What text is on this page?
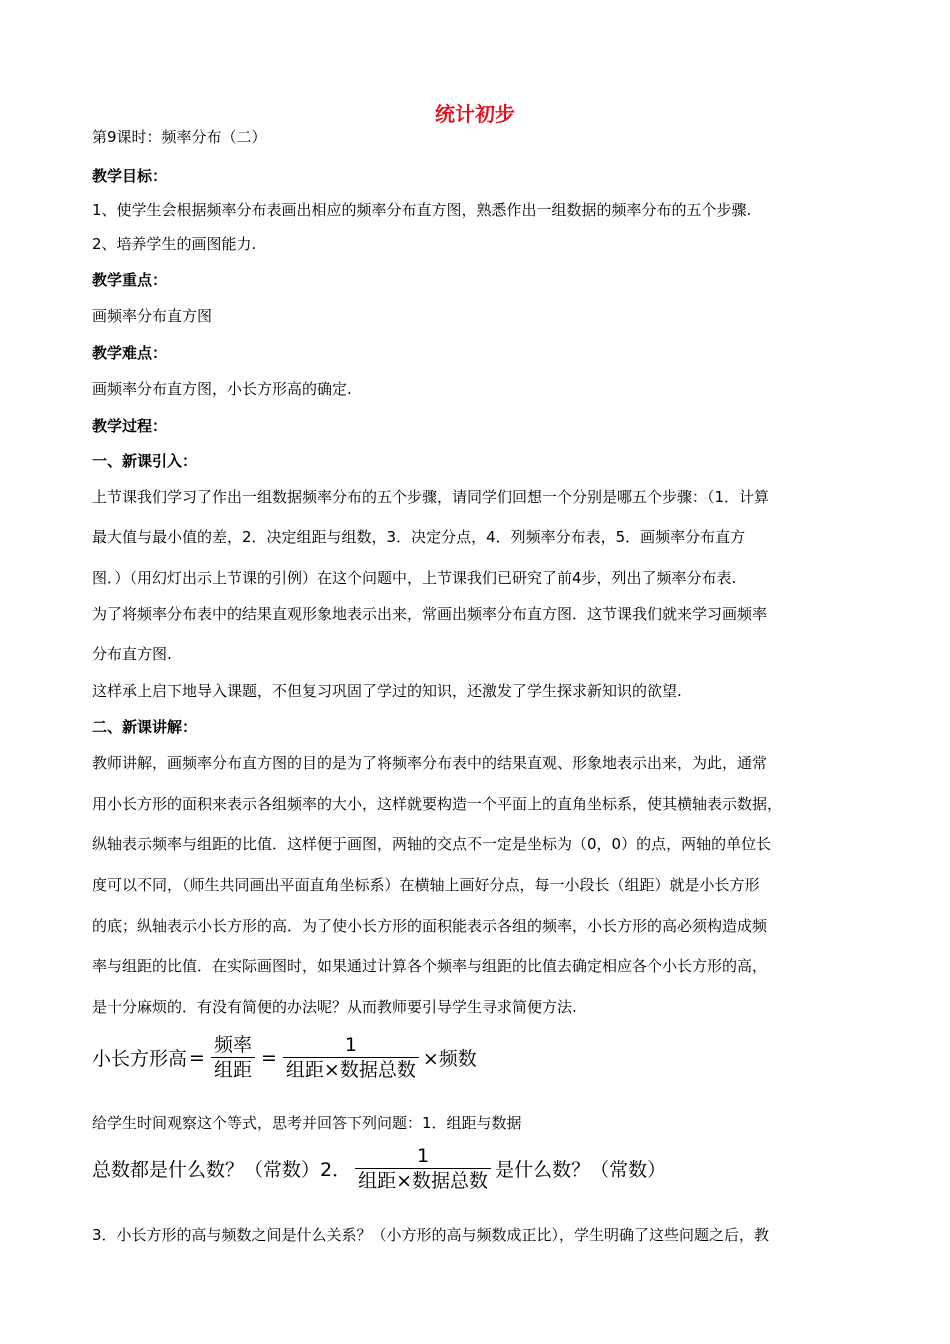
统计初步
第9课时：频率分布（二）
教学目标：
1、使学生会根据频率分布表画出相应的频率分布直方图，熟悉作出一组数据的频率分布的五个步骤.
2、培养学生的画图能力.
教学重点：
画频率分布直方图
教学难点：
画频率分布直方图，小长方形高的确定.
教学过程：
一、新课引入：
上节课我们学习了作出一组数据频率分布的五个步骤，请同学们回想一个分别是哪五个步骤：（1．计算
最大值与最小值的差，2．决定组距与组数，3．决定分点，4．列频率分布表，5．画频率分布直方
图．）（用幻灯出示上节课的引例）在这个问题中，上节课我们已研究了前4步，列出了频率分布表.
为了将频率分布表中的结果直观形象地表示出来，常画出频率分布直方图．这节课我们就来学习画频率
分布直方图.
这样承上启下地导入课题，不但复习巩固了学过的知识，还激发了学生探求新知识的欲望.
二、新课讲解：
教师讲解，画频率分布直方图的目的是为了将频率分布表中的结果直观、形象地表示出来，为此，通常
用小长方形的面积来表示各组频率的大小，这样就要构造一个平面上的直角坐标系，使其横轴表示数据，
纵轴表示频率与组距的比值．这样便于画图，两轴的交点不一定是坐标为（0，0）的点，两轴的单位长
度可以不同，（师生共同画出平面直角坐标系）在横轴上画好分点，每一小段长（组距）就是小长方形
的底；纵轴表示小长方形的高．为了使小长方形的面积能表示各组的频率，小长方形的高必须构造成频
率与组距的比值．在实际画图时，如果通过计算各个频率与组距的比值去确定相应各个小长方形的高，
是十分麻烦的．有没有简便的办法呢？从而教师要引导学生寻求简便方法.
小长方形高 = $\frac{\text{频率}}{\text{组距}} = \frac{1}{\text{组距×数据总数}}$ ×频数
给学生时间观察这个等式，思考并回答下列问题：1．组距与数据
总数都是什么数？（常数）2． $\frac{1}{\text{组距×数据总数}}$ 是什么数？（常数）
3．小长方形的高与频数之间是什么关系？（小方形的高与频数成正比），学生明确了这些问题之后，教
